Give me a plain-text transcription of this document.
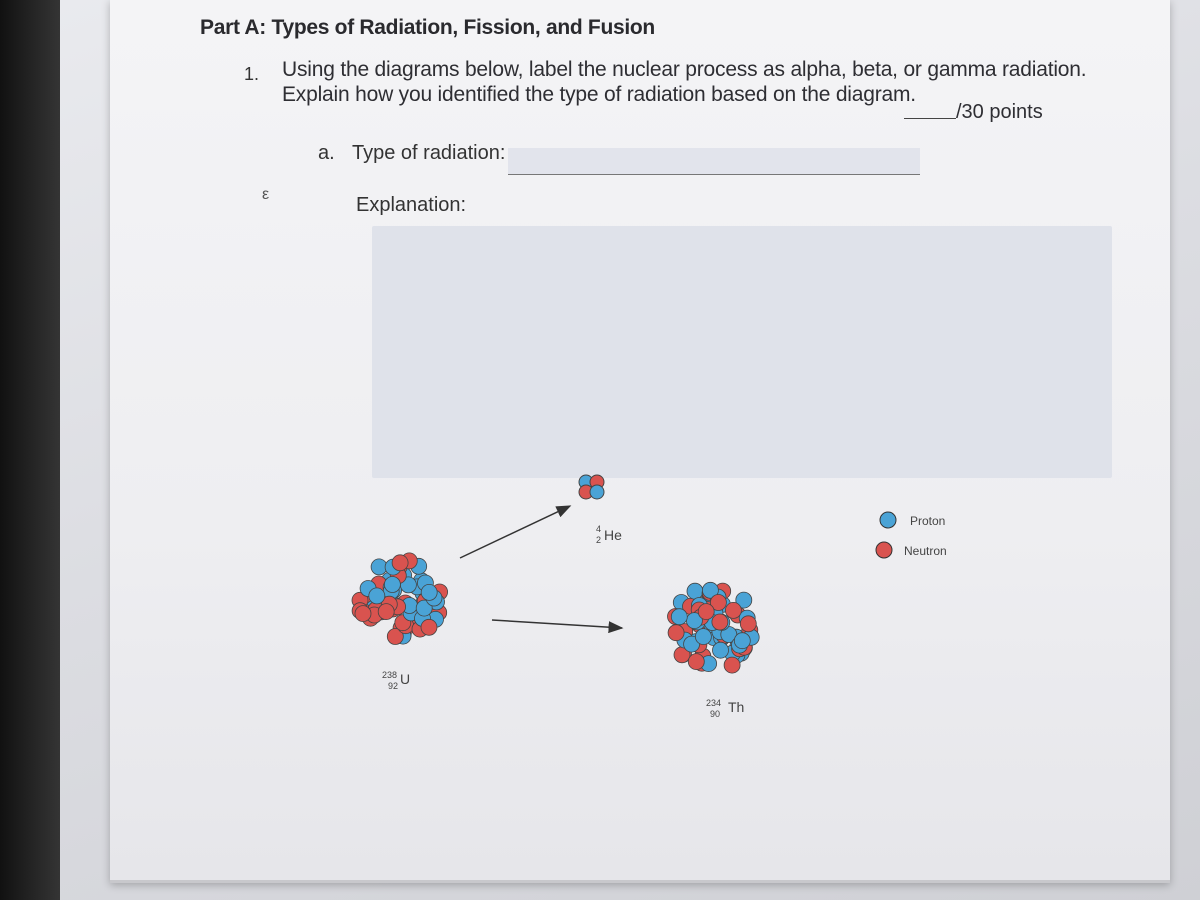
Part A: Types of Radiation, Fission, and Fusion
1. Using the diagrams below, label the nuclear process as alpha, beta, or gamma radiation.
Explain how you identified the type of radiation based on the diagram.
/30 points
a. Type of radiation:
ε	Explanation:
4 2 He
238 92 U
234 90 Th
Proton
Neutron
